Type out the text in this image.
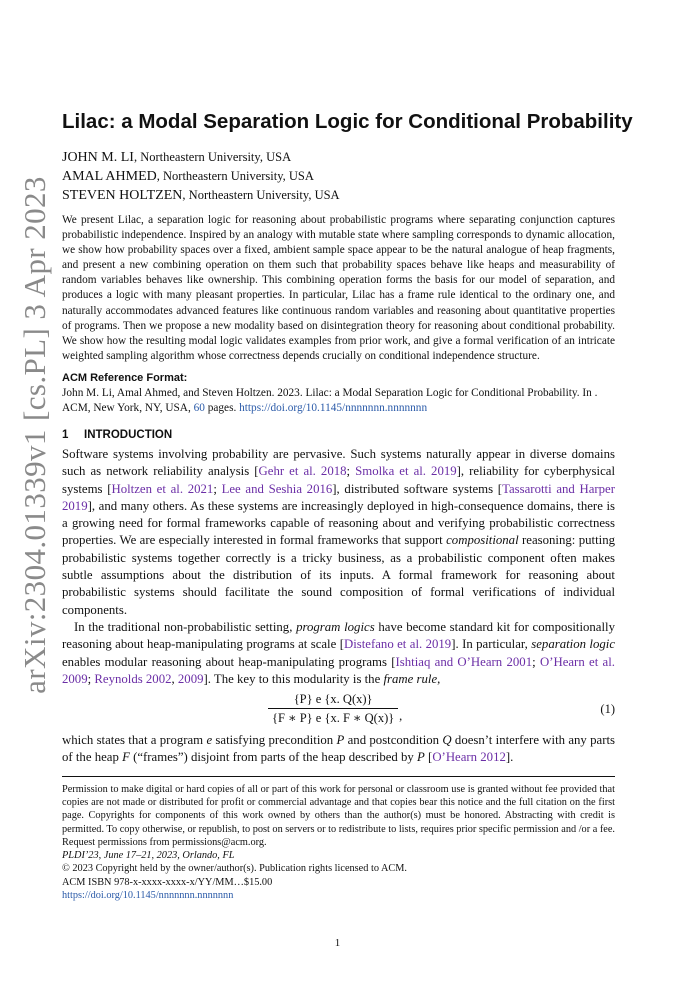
arXiv:2304.01339v1 [cs.PL] 3 Apr 2023
Lilac: a Modal Separation Logic for Conditional Probability
JOHN M. LI, Northeastern University, USA
AMAL AHMED, Northeastern University, USA
STEVEN HOLTZEN, Northeastern University, USA

We present Lilac, a separation logic for reasoning about probabilistic programs where separating conjunction captures probabilistic independence. Inspired by an analogy with mutable state where sampling corresponds to dynamic allocation, we show how probability spaces over a fixed, ambient sample space appear to be the natural analogue of heap fragments, and present a new combining operation on them such that probability spaces behave like heaps and measurability of random variables behaves like ownership. This combining operation forms the basis for our model of separation, and produces a logic with many pleasant properties. In particular, Lilac has a frame rule identical to the ordinary one, and naturally accommodates advanced features like continuous random variables and reasoning about quantitative properties of programs. Then we propose a new modality based on disintegration theory for reasoning about conditional probability. We show how the resulting modal logic validates examples from prior work, and give a formal verification of an intricate weighted sampling algorithm whose correctness depends crucially on conditional independence structure.

ACM Reference Format:

John M. Li, Amal Ahmed, and Steven Holtzen. 2023. Lilac: a Modal Separation Logic for Conditional Probability. In . ACM, New York, NY, USA, 60 pages. https://doi.org/10.1145/nnnnnnn.nnnnnnn

1 INTRODUCTION

Software systems involving probability are pervasive. Such systems naturally appear in diverse domains such as network reliability analysis [Gehr et al. 2018; Smolka et al. 2019], reliability for cyberphysical systems [Holtzen et al. 2021; Lee and Seshia 2016], distributed software systems [Tassarotti and Harper 2019], and many others. As these systems are increasingly deployed in high-consequence domains, there is a growing need for formal frameworks capable of reasoning about and verifying probabilistic correctness properties. We are especially interested in formal frameworks that support compositional reasoning: putting probabilistic systems together correctly is a tricky business, as a probabilistic component often makes subtle assumptions about the distribution of its inputs. A formal framework for reasoning about probabilistic systems should facilitate the sound composition of formal verifications of individual components.

In the traditional non-probabilistic setting, program logics have become standard kit for compositionally reasoning about heap-manipulating programs at scale [Distefano et al. 2019]. In particular, separation logic enables modular reasoning about heap-manipulating programs [Ishtiaq and O’Hearn 2001; O’Hearn et al. 2009; Reynolds 2002, 2009]. The key to this modularity is the frame rule,

{P} e {x. Q(x)}
{F ∗ P} e {x. F ∗ Q(x)} ,	(1)

which states that a program e satisfying precondition P and postcondition Q doesn’t interfere with any parts of the heap F (“frames”) disjoint from parts of the heap described by P [O’Hearn 2012].

Permission to make digital or hard copies of all or part of this work for personal or classroom use is granted without fee provided that copies are not made or distributed for profit or commercial advantage and that copies bear this notice and the full citation on the first page. Copyrights for components of this work owned by others than the author(s) must be honored. Abstracting with credit is permitted. To copy otherwise, or republish, to post on servers or to redistribute to lists, requires prior specific permission and /or a fee. Request permissions from permissions@acm.org.

PLDI’23, June 17–21, 2023, Orlando, FL

© 2023 Copyright held by the owner/author(s). Publication rights licensed to ACM.

ACM ISBN 978-x-xxxx-xxxx-x/YY/MM…$15.00

https://doi.org/10.1145/nnnnnnn.nnnnnnn

1
